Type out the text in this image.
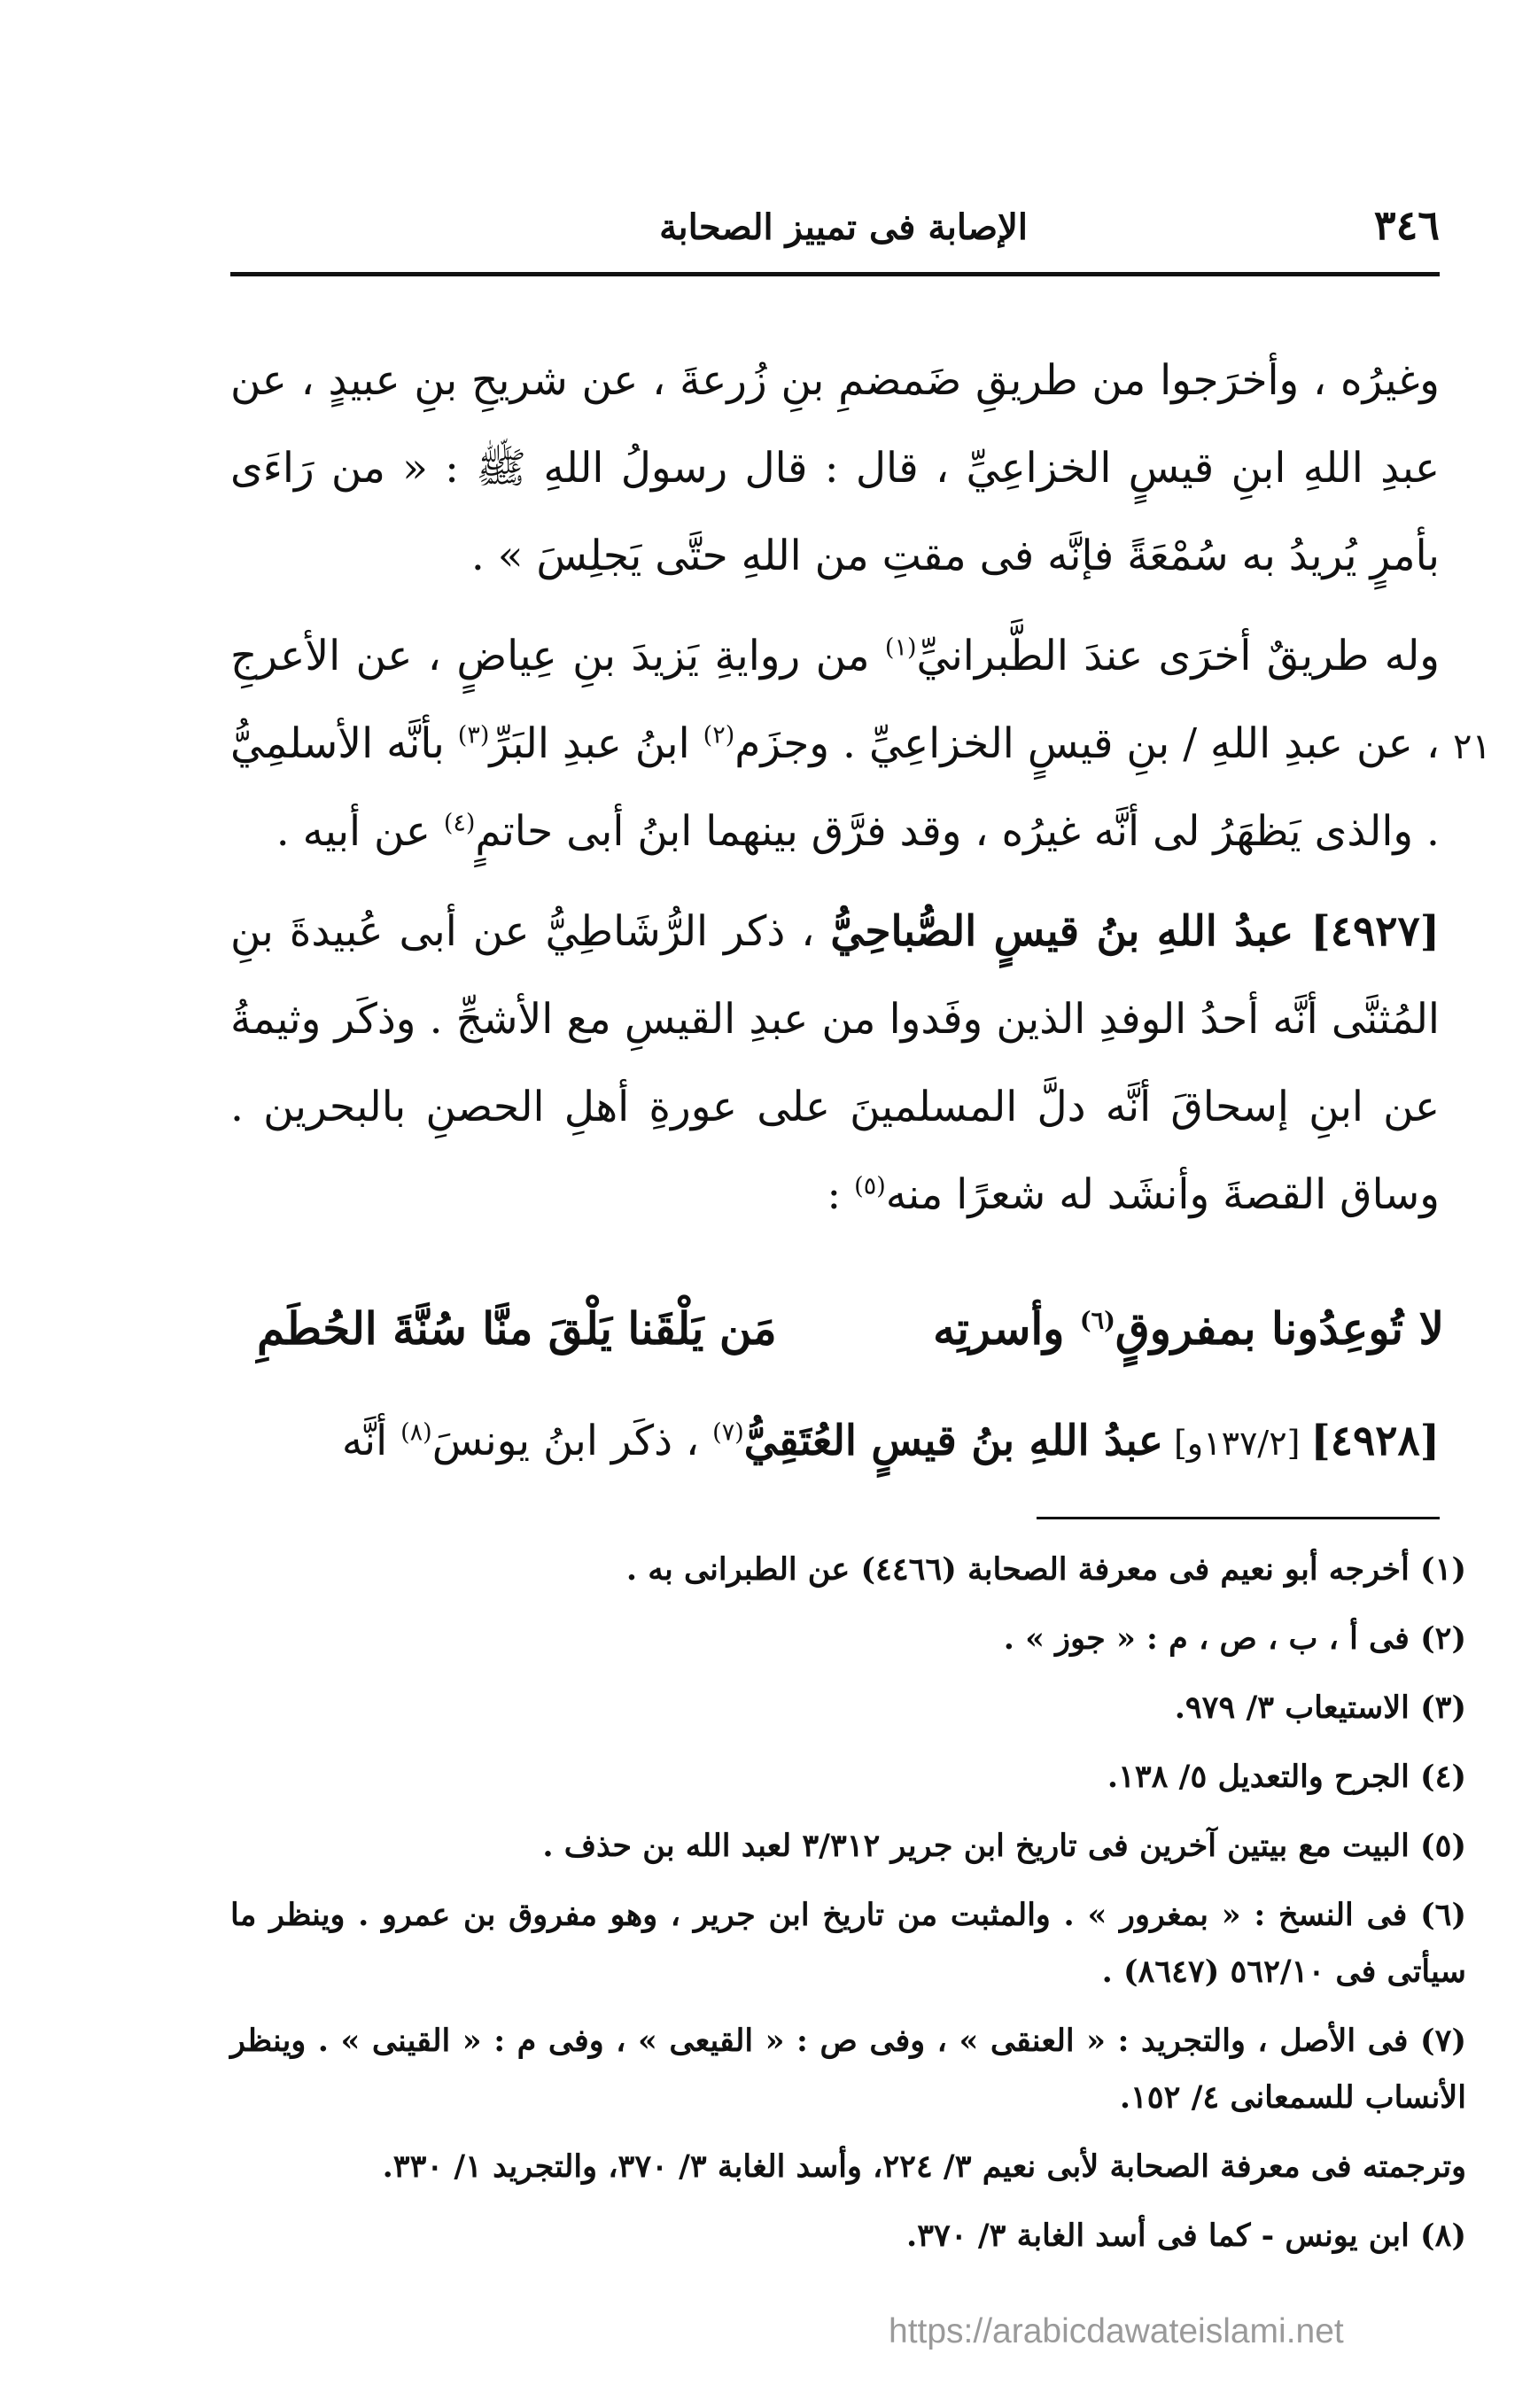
٣٤٦
الإصابة فى تمييز الصحابة
٢١

وغيرُه ، وأخرَجوا من طريقِ ضَمضمِ بنِ زُرعةَ ، عن شريحِ بنِ عبيدٍ ، عن عبدِ اللهِ ابنِ قيسٍ الخزاعِيِّ ، قال : قال رسولُ اللهِ ﷺ : « من رَاءَى بأمرٍ يُريدُ به سُمْعَةً فإنَّه فى مقتِ من اللهِ حتَّى يَجلِسَ » .

وله طريقٌ أخرَى عندَ الطَّبرانيِّ$^{(١)}$ من روايةِ يَزيدَ بنِ عِياضٍ ، عن الأعرجِ ، عن عبدِ اللهِ / بنِ قيسٍ الخزاعِيِّ . وجزَم$^{(٢)}$ ابنُ عبدِ البَرِّ$^{(٣)}$ بأنَّه الأسلمِيُّ . والذى يَظهَرُ لى أنَّه غيرُه ، وقد فرَّق بينهما ابنُ أبى حاتمٍ$^{(٤)}$ عن أبيه .

[٤٩٢٧] عبدُ اللهِ بنُ قيسٍ الصُّباحِيُّ ، ذكر الرُّشَاطِيُّ عن أبى عُبيدةَ بنِ المُثنَّى أنَّه أحدُ الوفدِ الذين وفَدوا من عبدِ القيسِ مع الأشجِّ . وذكَر وثيمةُ عن ابنِ إسحاقَ أنَّه دلَّ المسلمينَ على عورةِ أهلِ الحصنِ بالبحرين . وساق القصةَ وأنشَد له شعرًا منه$^{(٥)}$ :

لا تُوعِدُونا بمفروقٍ$^{(٦)}$ وأسرتِه
مَن يَلْقَنا يَلْقَ منَّا سُنَّةَ الحُطَمِ
[٤٩٢٨] [١٣٧/٢و] عبدُ اللهِ بنُ قيسٍ العُتَقِيُّ$^{(٧)}$ ، ذكَر ابنُ يونسَ$^{(٨)}$ أنَّه

(١) أخرجه أبو نعيم فى معرفة الصحابة (٤٤٦٦) عن الطبرانى به .

(٢) فى أ ، ب ، ص ، م : « جوز » .

(٣) الاستيعاب ٣/ ٩٧٩.

(٤) الجرح والتعديل ٥/ ١٣٨.

(٥) البيت مع بيتين آخرين فى تاريخ ابن جرير ٣/٣١٢ لعبد الله بن حذف .

(٦) فى النسخ : « بمغرور » . والمثبت من تاريخ ابن جرير ، وهو مفروق بن عمرو . وينظر ما سيأتى فى ٥٦٢/١٠ (٨٦٤٧) .

(٧) فى الأصل ، والتجريد : « العنقى » ، وفى ص : « القيعى » ، وفى م : « القينى » . وينظر الأنساب للسمعانى ٤/ ١٥٢.

وترجمته فى معرفة الصحابة لأبى نعيم ٣/ ٢٢٤، وأسد الغابة ٣/ ٣٧٠، والتجريد ١/ ٣٣٠.

(٨) ابن يونس - كما فى أسد الغابة ٣/ ٣٧٠.

https://arabicdawateislami.net
